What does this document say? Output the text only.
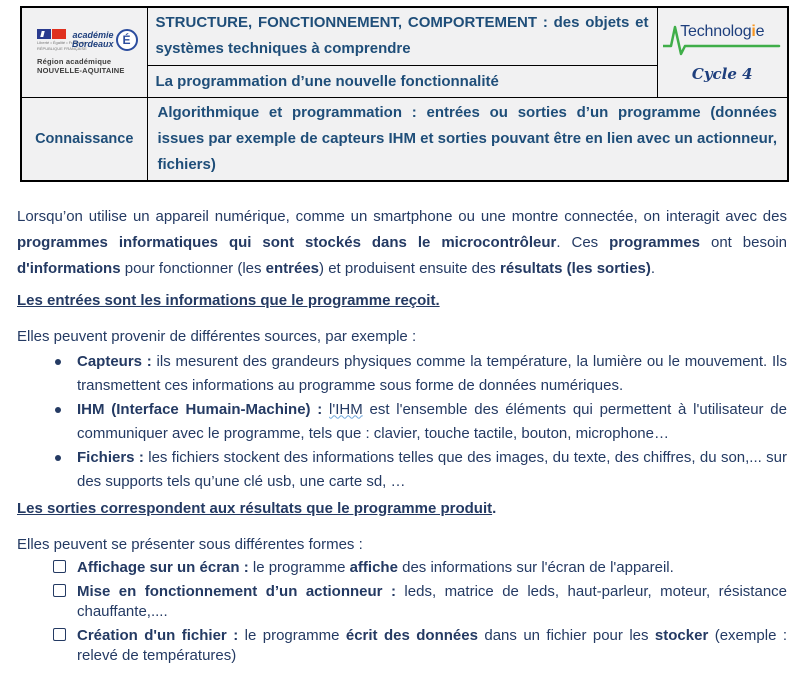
Liberté • Égalité • Fraternité
RÉPUBLIQUE FRANÇAISE
académie
Bordeaux É
Région académique
NOUVELLE-AQUITAINE
	STRUCTURE, FONCTIONNEMENT, COMPORTEMENT : des objets et systèmes techniques à comprendre	
Technologie
Cycle 4

	La programmation d’une nouvelle fonctionnalité	
Connaissance	Algorithmique et programmation : entrées ou sorties d’un programme (données issues par exemple de capteurs IHM et sorties pouvant être en lien avec un actionneur, fichiers)	

Lorsqu’on utilise un appareil numérique, comme un smartphone ou une montre connectée, on interagit avec des programmes informatiques qui sont stockés dans le microcontrôleur. Ces programmes ont besoin d'informations pour fonctionner (les entrées) et produisent ensuite des résultats (les sorties).

Les entrées sont les informations que le programme reçoit.

Elles peuvent provenir de différentes sources, par exemple :

Capteurs : ils mesurent des grandeurs physiques comme la température, la lumière ou le mouvement. Ils transmettent ces informations au programme sous forme de données numériques.
IHM (Interface Humain-Machine) : l'IHM est l'ensemble des éléments qui permettent à l'utilisateur de communiquer avec le programme, tels que : clavier, touche tactile, bouton, microphone…
Fichiers : les fichiers stockent des informations telles que des images, du texte, des chiffres, du son,... sur des supports tels qu’une clé usb, une carte sd, …

Les sorties correspondent aux résultats que le programme produit.

Elles peuvent se présenter sous différentes formes :

Affichage sur un écran : le programme affiche des informations sur l'écran de l'appareil.
Mise en fonctionnement d’un actionneur : leds, matrice de leds, haut-parleur, moteur, résistance chauffante,....
Création d'un fichier : le programme écrit des données dans un fichier pour les stocker (exemple : relevé de températures)
